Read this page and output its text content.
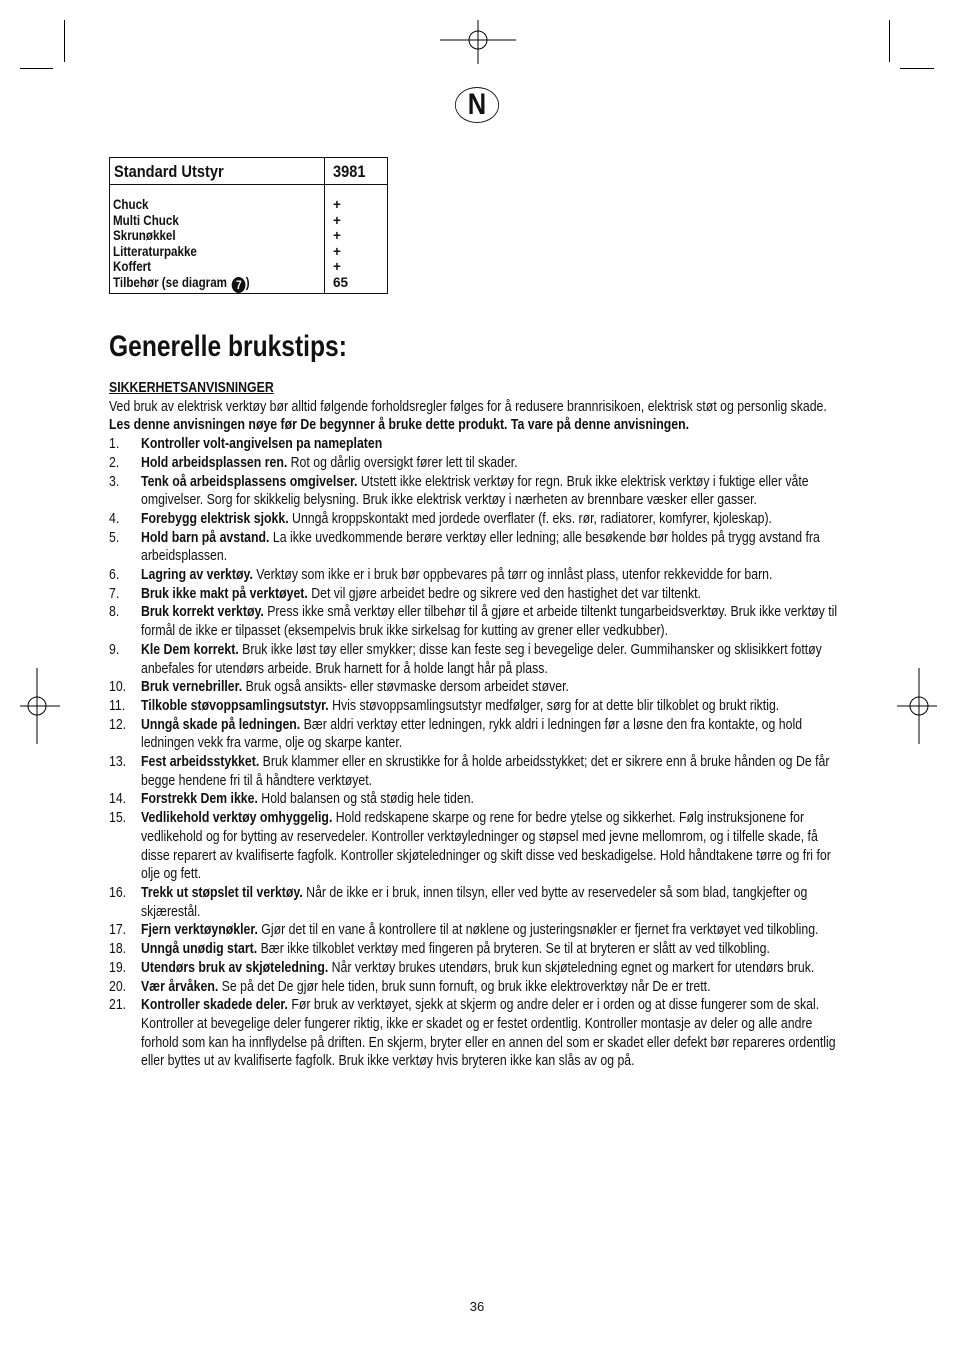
N
Standard Utstyr	3981
Chuck
Multi Chuck
Skrunøkkel
Litteraturpakke
Koffert
Tilbehør (se diagram 7 )
+
+
+
+
+
65
Generelle brukstips:
SIKKERHETSANVISNINGER
Ved bruk av elektrisk verktøy bør alltid følgende forholdsregler følges for å redusere brannrisikoen, elektrisk støt og personlig skade. Les denne anvisningen nøye før De begynner å bruke dette produkt. Ta vare på denne anvisningen.
1. Kontroller volt-angivelsen pa nameplaten
2. Hold arbeidsplassen ren. Rot og dårlig oversigkt fører lett til skader.
3. Tenk oå arbeidsplassens omgivelser. Utstett ikke elektrisk verktøy for regn. Bruk ikke elektrisk verktøy i fuktige eller våte omgivelser. Sorg for skikkelig belysning. Bruk ikke elektrisk verktøy i nærheten av brennbare væsker eller gasser.
4. Forebygg elektrisk sjokk. Unngå kroppskontakt med jordede overflater (f. eks. rør, radiatorer, komfyrer, kjoleskap).
5. Hold barn på avstand. La ikke uvedkommende berøre verktøy eller ledning; alle besøkende bør holdes på trygg avstand fra arbeidsplassen.
6. Lagring av verktøy. Verktøy som ikke er i bruk bør oppbevares på tørr og innlåst plass, utenfor rekkevidde for barn.
7. Bruk ikke makt på verktøyet. Det vil gjøre arbeidet bedre og sikrere ved den hastighet det var tiltenkt.
8. Bruk korrekt verktøy. Press ikke små verktøy eller tilbehør til å gjøre et arbeide tiltenkt tungarbeidsverktøy. Bruk ikke verktøy til formål de ikke er tilpasset (eksempelvis bruk ikke sirkelsag for kutting av grener eller vedkubber).
9. Kle Dem korrekt. Bruk ikke løst tøy eller smykker; disse kan feste seg i bevegelige deler. Gummihansker og sklisikkert fottøy anbefales for utendørs arbeide. Bruk harnett for å holde langt hår på plass.
10. Bruk vernebriller. Bruk også ansikts- eller støvmaske dersom arbeidet støver.
11. Tilkoble støvoppsamlingsutstyr. Hvis støvoppsamlingsutstyr medfølger, sørg for at dette blir tilkoblet og brukt riktig.
12. Unngå skade på ledningen. Bær aldri verktøy etter ledningen, rykk aldri i ledningen før a løsne den fra kontakte, og hold ledningen vekk fra varme, olje og skarpe kanter.
13. Fest arbeidsstykket. Bruk klammer eller en skrustikke for å holde arbeidsstykket; det er sikrere enn å bruke hånden og De får begge hendene fri til å håndtere verktøyet.
14. Forstrekk Dem ikke. Hold balansen og stå stødig hele tiden.
15. Vedlikehold verktøy omhyggelig. Hold redskapene skarpe og rene for bedre ytelse og sikkerhet. Følg instruksjonene for vedlikehold og for bytting av reservedeler. Kontroller verktøyledninger og støpsel med jevne mellomrom, og i tilfelle skade, få disse reparert av kvalifiserte fagfolk. Kontroller skjøteledninger og skift disse ved beskadigelse. Hold håndtakene tørre og fri for olje og fett.
16. Trekk ut støpslet til verktøy. Når de ikke er i bruk, innen tilsyn, eller ved bytte av reservedeler så som blad, tangkjefter og skjærestål.
17. Fjern verktøynøkler. Gjør det til en vane å kontrollere til at nøklene og justeringsnøkler er fjernet fra verktøyet ved tilkobling.
18. Unngå unødig start. Bær ikke tilkoblet verktøy med fingeren på bryteren. Se til at bryteren er slått av ved tilkobling.
19. Utendørs bruk av skjøteledning. Når verktøy brukes utendørs, bruk kun skjøteledning egnet og markert for utendørs bruk.
20. Vær årvåken. Se på det De gjør hele tiden, bruk sunn fornuft, og bruk ikke elektroverktøy når De er trett.
21. Kontroller skadede deler. Før bruk av verktøyet, sjekk at skjerm og andre deler er i orden og at disse fungerer som de skal. Kontroller at bevegelige deler fungerer riktig, ikke er skadet og er festet ordentlig. Kontroller montasje av deler og alle andre forhold som kan ha innflydelse på driften. En skjerm, bryter eller en annen del som er skadet eller defekt bør repareres ordentlig eller byttes ut av kvalifiserte fagfolk. Bruk ikke verktøy hvis bryteren ikke kan slås av og på.
36
